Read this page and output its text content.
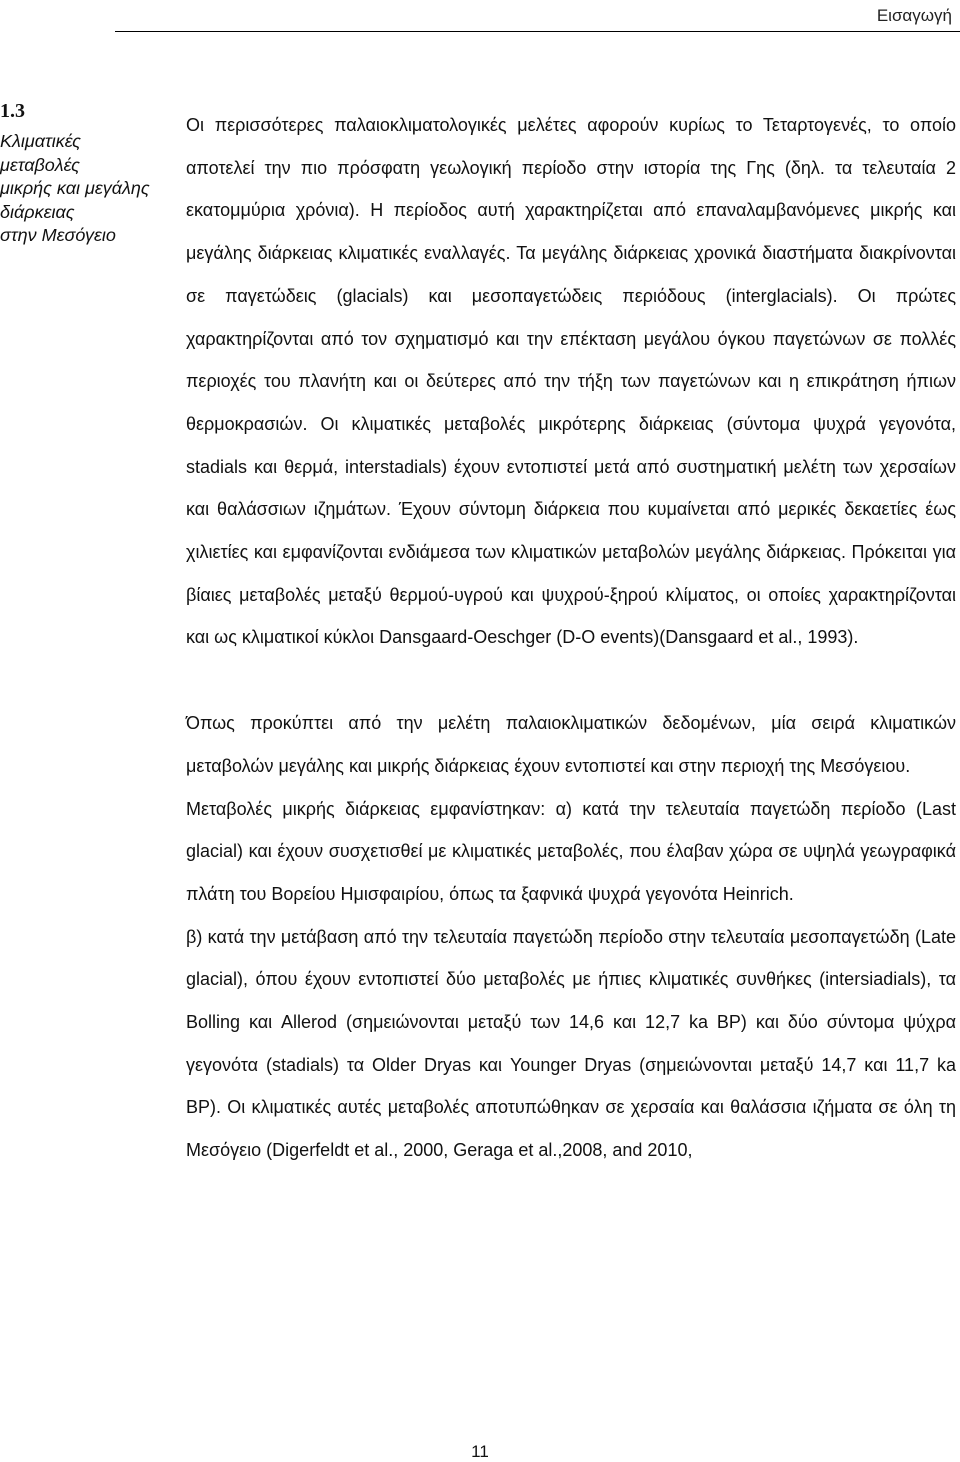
Εισαγωγή
1.3
Κλιματικές
μεταβολές
μικρής και μεγάλης
διάρκειας
στην Μεσόγειο

Οι περισσότερες παλαιοκλιματολογικές μελέτες αφορούν κυρίως το Τεταρτογενές, το οποίο αποτελεί την πιο πρόσφατη γεωλογική περίοδο στην ιστορία της Γης (δηλ. τα τελευταία 2 εκατομμύρια χρόνια). Η περίοδος αυτή χαρακτηρίζεται από επαναλαμβανόμενες μικρής και μεγάλης διάρκειας κλιματικές εναλλαγές. Τα μεγάλης διάρκειας χρονικά διαστήματα διακρίνονται σε παγετώδεις (glacials) και μεσοπαγετώδεις περιόδους (interglacials). Οι πρώτες χαρακτηρίζονται από τον σχηματισμό και την επέκταση μεγάλου όγκου παγετώνων σε πολλές περιοχές του πλανήτη και οι δεύτερες από την τήξη των παγετώνων και η επικράτηση ήπιων θερμοκρασιών. Οι κλιματικές μεταβολές μικρότερης διάρκειας (σύντομα ψυχρά γεγονότα, stadials και θερμά, interstadials) έχουν εντοπιστεί μετά από συστηματική μελέτη των χερσαίων και θαλάσσιων ιζημάτων. Έχουν σύντομη διάρκεια που κυμαίνεται από μερικές δεκαετίες έως χιλιετίες και εμφανίζονται ενδιάμεσα των κλιματικών μεταβολών μεγάλης διάρκειας. Πρόκειται για βίαιες μεταβολές μεταξύ θερμού-υγρού και ψυχρού-ξηρού κλίματος, οι οποίες χαρακτηρίζονται και ως κλιματικοί κύκλοι Dansgaard-Oeschger (D-O events)(Dansgaard et al., 1993).

Όπως προκύπτει από την μελέτη παλαιοκλιματικών δεδομένων, μία σειρά κλιματικών μεταβολών μεγάλης και μικρής διάρκειας έχουν εντοπιστεί και στην περιοχή της Μεσόγειου.

Μεταβολές μικρής διάρκειας εμφανίστηκαν: α) κατά την τελευταία παγετώδη περίοδο (Last glacial) και έχουν συσχετισθεί με κλιματικές μεταβολές, που έλαβαν χώρα σε υψηλά γεωγραφικά πλάτη του Βορείου Ημισφαιρίου, όπως τα ξαφνικά ψυχρά γεγονότα Heinrich.

β) κατά την μετάβαση από την τελευταία παγετώδη περίοδο στην τελευταία μεσοπαγετώδη (Late glacial), όπου έχουν εντοπιστεί δύο μεταβολές με ήπιες κλιματικές συνθήκες (intersiadials), τα Bolling και Allerod (σημειώνονται μεταξύ των 14,6 και 12,7 ka BP) και δύο σύντομα ψύχρα γεγονότα (stadials) τα Older Dryas και Younger Dryas (σημειώνονται μεταξύ 14,7 και 11,7 ka BP). Οι κλιματικές αυτές μεταβολές αποτυπώθηκαν σε χερσαία και θαλάσσια ιζήματα σε όλη τη Μεσόγειο (Digerfeldt et al., 2000, Geraga et al.,2008, and 2010,

11
